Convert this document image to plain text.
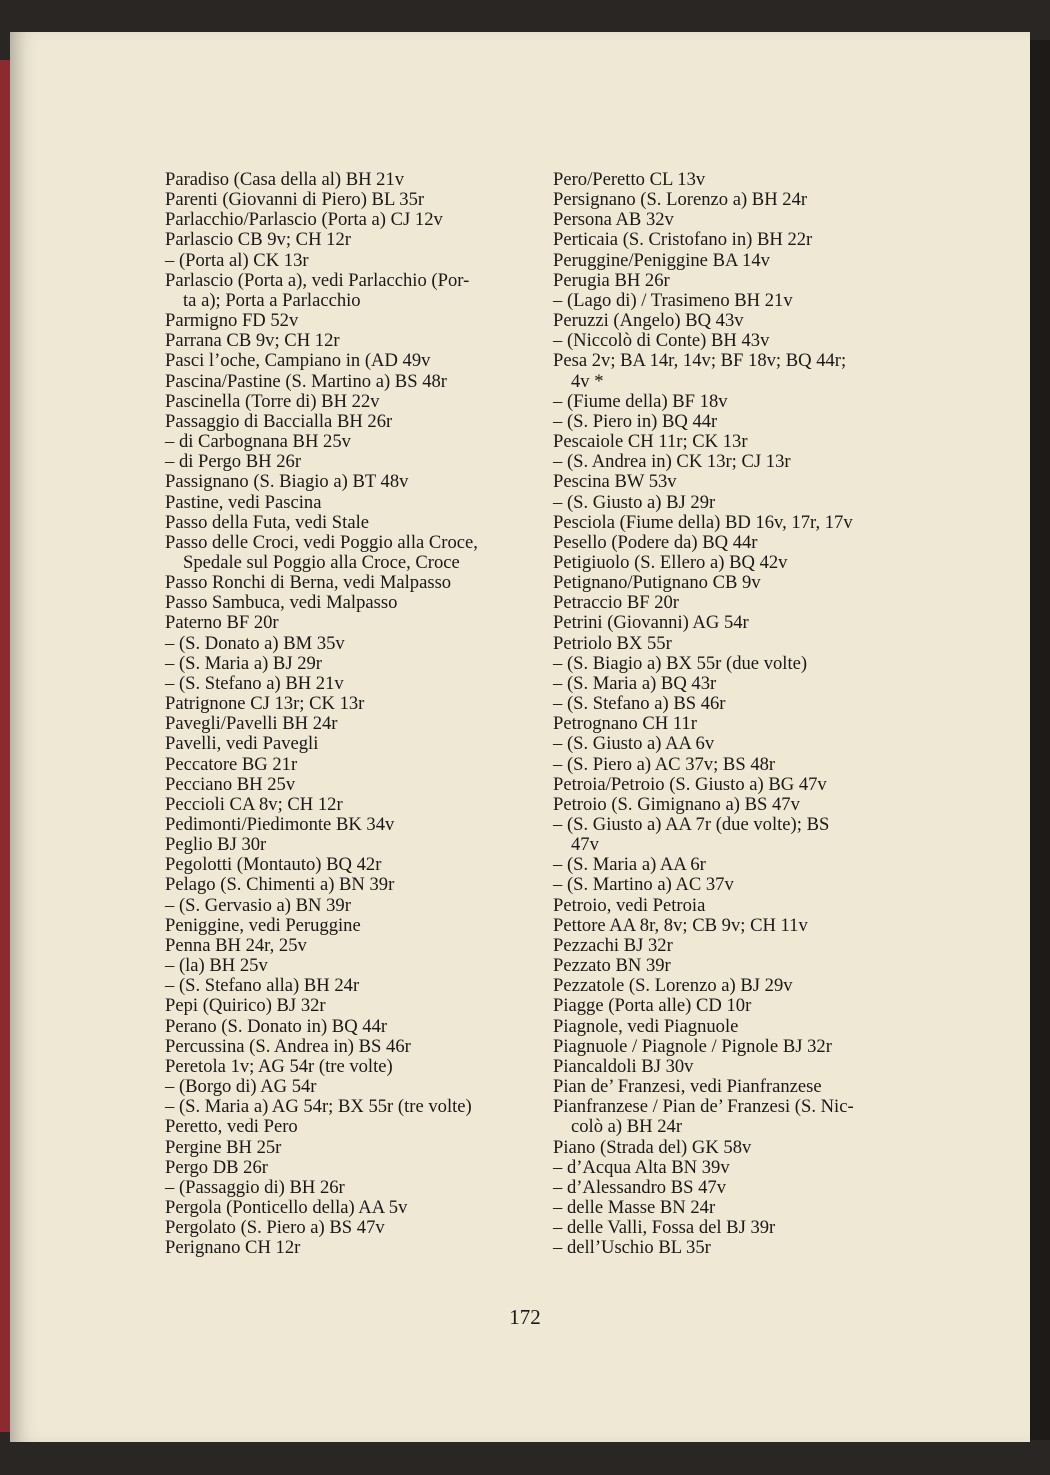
Paradiso (Casa della al) BH 21v
Parenti (Giovanni di Piero) BL 35r
Parlacchio/Parlascio (Porta a) CJ 12v
Parlascio CB 9v; CH 12r
– (Porta al) CK 13r
Parlascio (Porta a), vedi Parlacchio (Por-
ta a); Porta a Parlacchio
Parmigno FD 52v
Parrana CB 9v; CH 12r
Pasci l’oche, Campiano in (AD 49v
Pascina/Pastine (S. Martino a) BS 48r
Pascinella (Torre di) BH 22v
Passaggio di Baccialla BH 26r
– di Carbognana BH 25v
– di Pergo BH 26r
Passignano (S. Biagio a) BT 48v
Pastine, vedi Pascina
Passo della Futa, vedi Stale
Passo delle Croci, vedi Poggio alla Croce,
Spedale sul Poggio alla Croce, Croce
Passo Ronchi di Berna, vedi Malpasso
Passo Sambuca, vedi Malpasso
Paterno BF 20r
– (S. Donato a) BM 35v
– (S. Maria a) BJ 29r
– (S. Stefano a) BH 21v
Patrignone CJ 13r; CK 13r
Pavegli/Pavelli BH 24r
Pavelli, vedi Pavegli
Peccatore BG 21r
Pecciano BH 25v
Peccioli CA 8v; CH 12r
Pedimonti/Piedimonte BK 34v
Peglio BJ 30r
Pegolotti (Montauto) BQ 42r
Pelago (S. Chimenti a) BN 39r
– (S. Gervasio a) BN 39r
Peniggine, vedi Peruggine
Penna BH 24r, 25v
– (la) BH 25v
– (S. Stefano alla) BH 24r
Pepi (Quirico) BJ 32r
Perano (S. Donato in) BQ 44r
Percussina (S. Andrea in) BS 46r
Peretola 1v; AG 54r (tre volte)
– (Borgo di) AG 54r
– (S. Maria a) AG 54r; BX 55r (tre volte)
Peretto, vedi Pero
Pergine BH 25r
Pergo DB 26r
– (Passaggio di) BH 26r
Pergola (Ponticello della) AA 5v
Pergolato (S. Piero a) BS 47v
Perignano CH 12r
Pero/Peretto CL 13v
Persignano (S. Lorenzo a) BH 24r
Persona AB 32v
Perticaia (S. Cristofano in) BH 22r
Peruggine/Peniggine BA 14v
Perugia BH 26r
– (Lago di) / Trasimeno BH 21v
Peruzzi (Angelo) BQ 43v
– (Niccolò di Conte) BH 43v
Pesa 2v; BA 14r, 14v; BF 18v; BQ 44r;
4v *
– (Fiume della) BF 18v
– (S. Piero in) BQ 44r
Pescaiole CH 11r; CK 13r
– (S. Andrea in) CK 13r; CJ 13r
Pescina BW 53v
– (S. Giusto a) BJ 29r
Pesciola (Fiume della) BD 16v, 17r, 17v
Pesello (Podere da) BQ 44r
Petigiuolo (S. Ellero a) BQ 42v
Petignano/Putignano CB 9v
Petraccio BF 20r
Petrini (Giovanni) AG 54r
Petriolo BX 55r
– (S. Biagio a) BX 55r (due volte)
– (S. Maria a) BQ 43r
– (S. Stefano a) BS 46r
Petrognano CH 11r
– (S. Giusto a) AA 6v
– (S. Piero a) AC 37v; BS 48r
Petroia/Petroio (S. Giusto a) BG 47v
Petroio (S. Gimignano a) BS 47v
– (S. Giusto a) AA 7r (due volte); BS
47v
– (S. Maria a) AA 6r
– (S. Martino a) AC 37v
Petroio, vedi Petroia
Pettore AA 8r, 8v; CB 9v; CH 11v
Pezzachi BJ 32r
Pezzato BN 39r
Pezzatole (S. Lorenzo a) BJ 29v
Piagge (Porta alle) CD 10r
Piagnole, vedi Piagnuole
Piagnuole / Piagnole / Pignole BJ 32r
Piancaldoli BJ 30v
Pian de’ Franzesi, vedi Pianfranzese
Pianfranzese / Pian de’ Franzesi (S. Nic-
colò a) BH 24r
Piano (Strada del) GK 58v
– d’Acqua Alta BN 39v
– d’Alessandro BS 47v
– delle Masse BN 24r
– delle Valli, Fossa del BJ 39r
– dell’Uschio BL 35r
172
